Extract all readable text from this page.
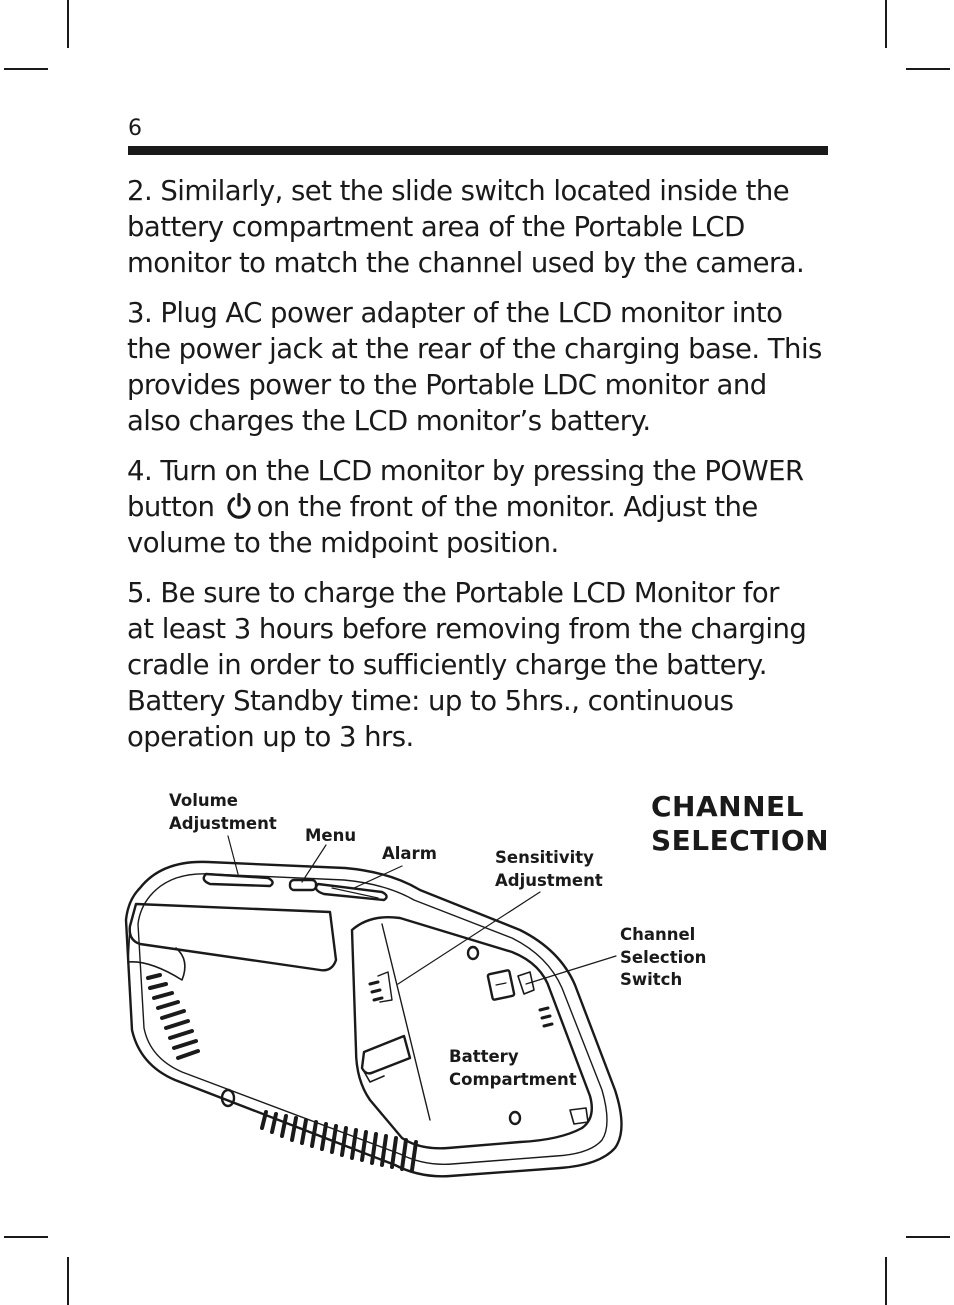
6

2. Similarly, set the slide switch located inside the
battery compartment area of the Portable LCD
monitor to match the channel used by the camera.

3. Plug AC power adapter of the LCD monitor into
the power jack at the rear of the charging base. This
provides power to the Portable LDC monitor and
also charges the LCD monitor’s battery.

4. Turn on the LCD monitor by pressing the POWER
button on the front of the monitor. Adjust the
volume to the midpoint position.

5. Be sure to charge the Portable LCD Monitor for
at least 3 hours before removing from the charging
cradle in order to sufficiently charge the battery.
Battery Standby time: up to 5hrs., continuous
operation up to 3 hrs.

CHANNEL
SELECTION
Volume
Adjustment
Menu
Alarm	Sensitivity
Adjustment
Channel
Selection
Switch
Battery
Compartment
